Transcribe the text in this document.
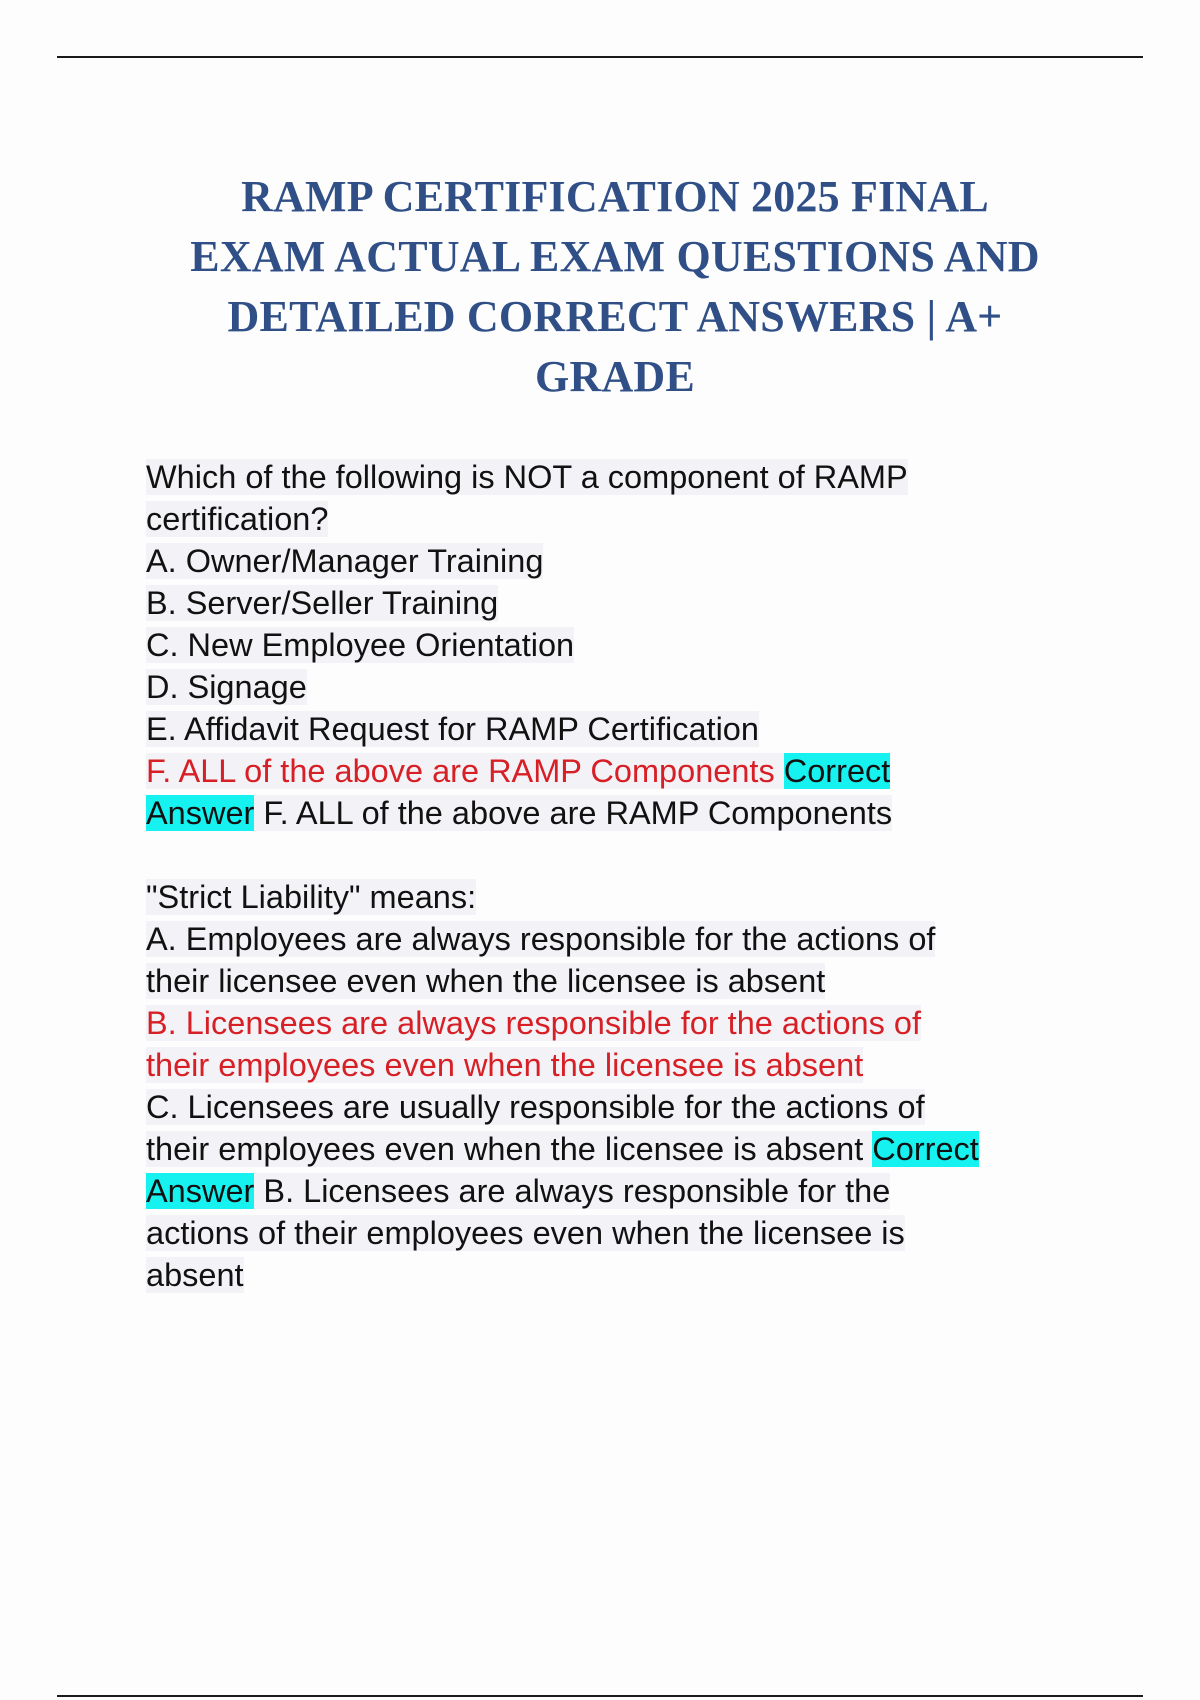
RAMP CERTIFICATION 2025 FINAL
EXAM ACTUAL EXAM QUESTIONS AND
DETAILED CORRECT ANSWERS | A+
GRADE
Which of the following is NOT a component of RAMP
certification?
A. Owner/Manager Training
B. Server/Seller Training
C. New Employee Orientation
D. Signage
E. Affidavit Request for RAMP Certification
F. ALL of the above are RAMP Components Correct
Answer F. ALL of the above are RAMP Components
"Strict Liability" means:
A. Employees are always responsible for the actions of
their licensee even when the licensee is absent
B. Licensees are always responsible for the actions of
their employees even when the licensee is absent
C. Licensees are usually responsible for the actions of
their employees even when the licensee is absent Correct
Answer B. Licensees are always responsible for the
actions of their employees even when the licensee is
absent
